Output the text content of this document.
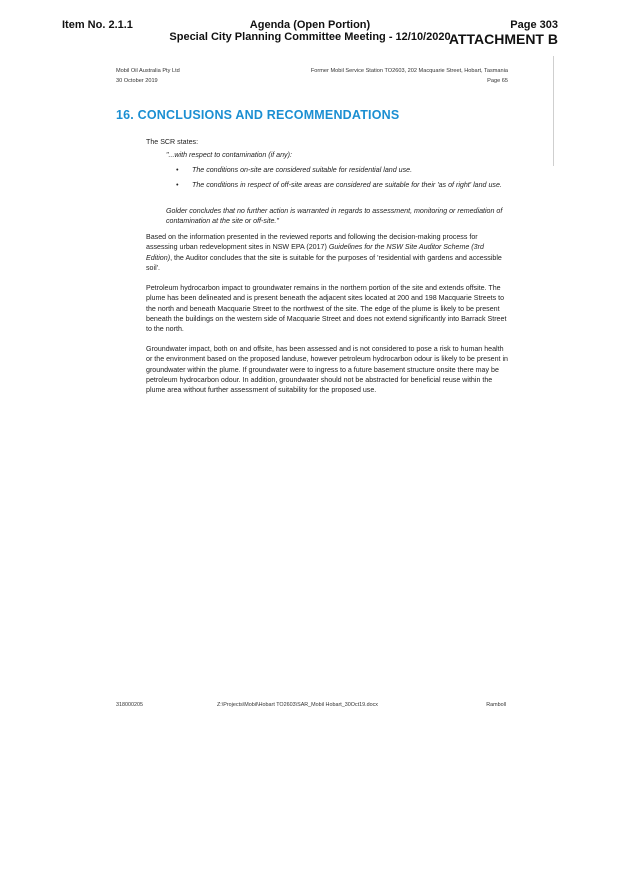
Item No. 2.1.1	Agenda (Open Portion)
Special City Planning Committee Meeting - 12/10/2020
Page 303
ATTACHMENT B
Mobil Oil Australia Pty Ltd
30 October 2019
Former Mobil Service Station TO2603, 202 Macquarie Street, Hobart, Tasmania
Page 65
16. CONCLUSIONS AND RECOMMENDATIONS
The SCR states:
"...with respect to contamination (if any):
• The conditions on-site are considered suitable for residential land use.
• The conditions in respect of off-site areas are considered are suitable for their 'as of right' land use.
Golder concludes that no further action is warranted in regards to assessment, monitoring or remediation of contamination at the site or off-site."
Based on the information presented in the reviewed reports and following the decision-making process for assessing urban redevelopment sites in NSW EPA (2017) Guidelines for the NSW Site Auditor Scheme (3rd Edition), the Auditor concludes that the site is suitable for the purposes of 'residential with gardens and accessible soil'.
Petroleum hydrocarbon impact to groundwater remains in the northern portion of the site and extends offsite. The plume has been delineated and is present beneath the adjacent sites located at 200 and 198 Macquarie Streets to the north and beneath Macquarie Street to the northwest of the site. The edge of the plume is likely to be present beneath the buildings on the western side of Macquarie Street and does not extend significantly into Barrack Street to the north.
Groundwater impact, both on and offsite, has been assessed and is not considered to pose a risk to human health or the environment based on the proposed landuse, however petroleum hydrocarbon odour is likely to be present in groundwater within the plume. If groundwater were to ingress to a future basement structure onsite there may be petroleum hydrocarbon odour. In addition, groundwater should not be abstracted for beneficial reuse within the plume area without further assessment of suitability for the proposed use.
318000205	Z:\Projects\Mobil\Hobart TO2603\SAR_Mobil Hobart_30Oct19.docx	Ramboll
